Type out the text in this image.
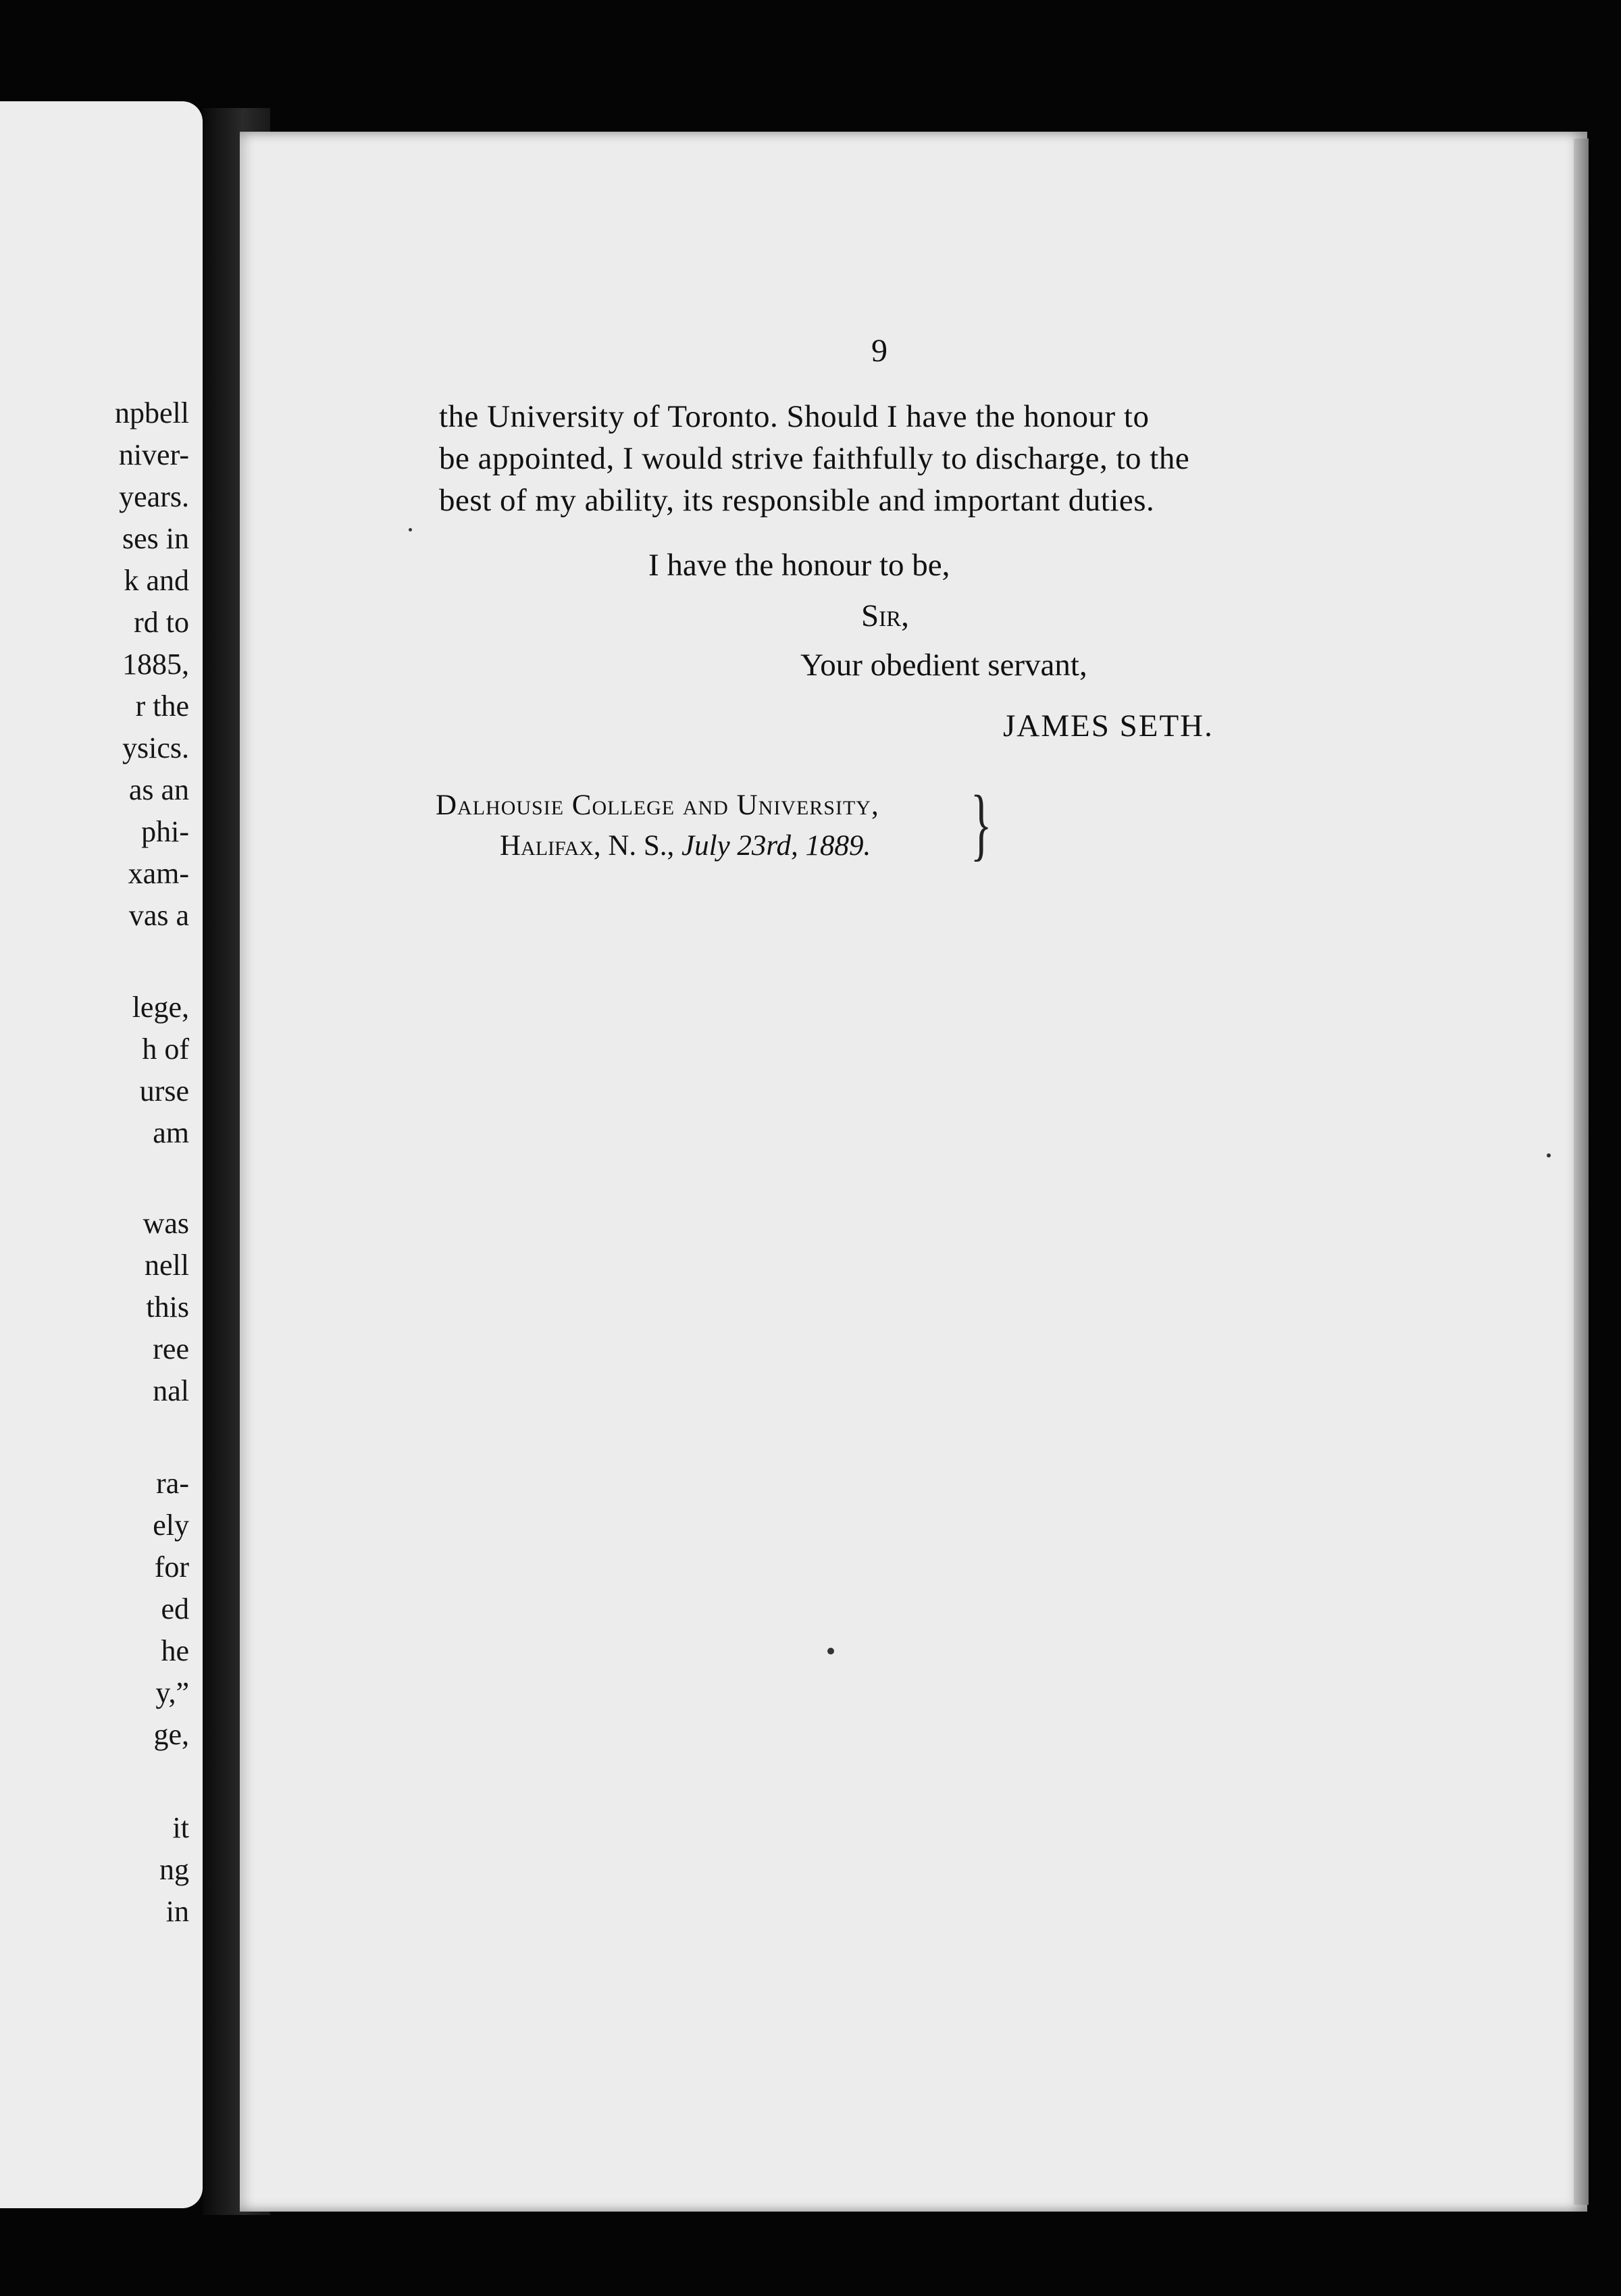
npbell
niver-
years.
ses in
k and
rd to
1885,
r the
ysics.
as an
phi-
xam-
vas a
lege,
h of
urse
am
was
nell
this
ree
nal
ra-
ely
for
ed
he
y,”
ge,
it
ng
in
9
the University of Toronto. Should I have the honour to
be appointed, I would strive faithfully to discharge, to the
best of my ability, its responsible and important duties.
I have the honour to be,
Sir,
Your obedient servant,
JAMES SETH.
Dalhousie College and University,
Halifax, N. S., July 23rd, 1889. }
